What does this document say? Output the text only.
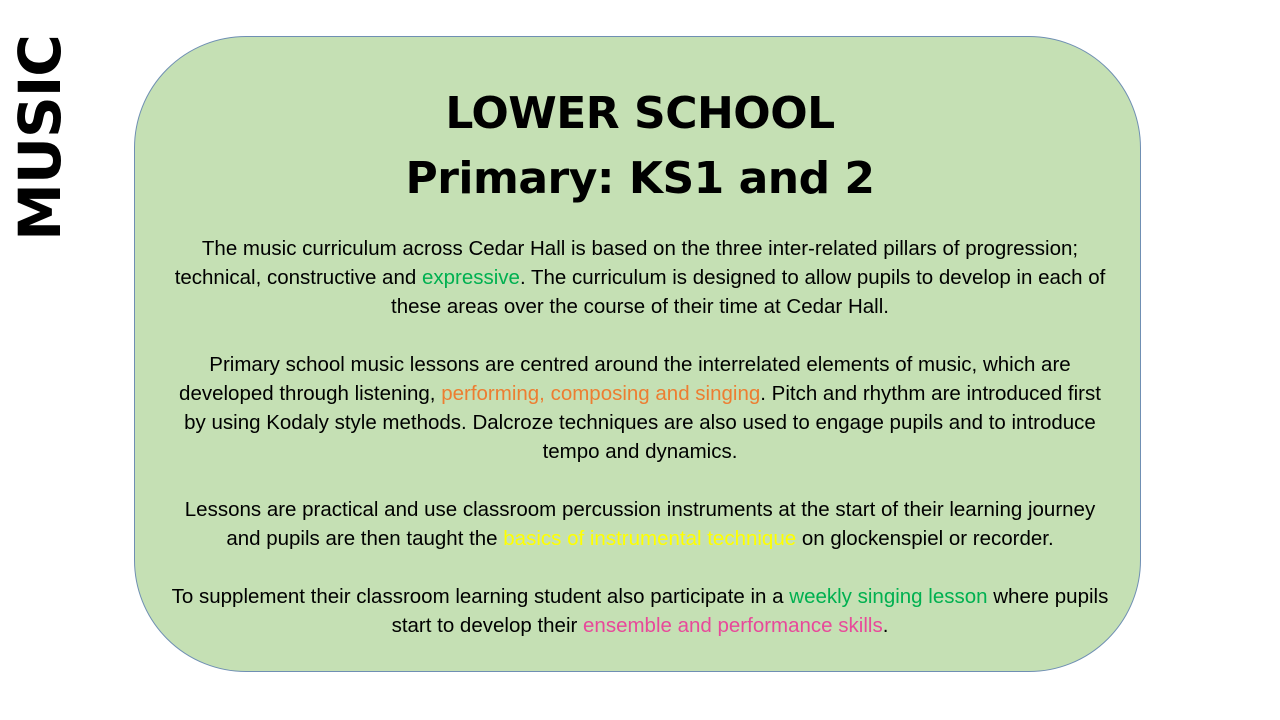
MUSIC	LOWER SCHOOL
Primary: KS1 and 2

The music curriculum across Cedar Hall is based on the three inter-related pillars of progression; technical, constructive and expressive. The curriculum is designed to allow pupils to develop in each of these areas over the course of their time at Cedar Hall.

Primary school music lessons are centred around the interrelated elements of music, which are developed through listening, performing, composing and singing. Pitch and rhythm are introduced first by using Kodaly style methods. Dalcroze techniques are also used to engage pupils and to introduce tempo and dynamics.

Lessons are practical and use classroom percussion instruments at the start of their learning journey and pupils are then taught the basics of instrumental technique on glockenspiel or recorder.

To supplement their classroom learning student also participate in a weekly singing lesson where pupils start to develop their ensemble and performance skills.
